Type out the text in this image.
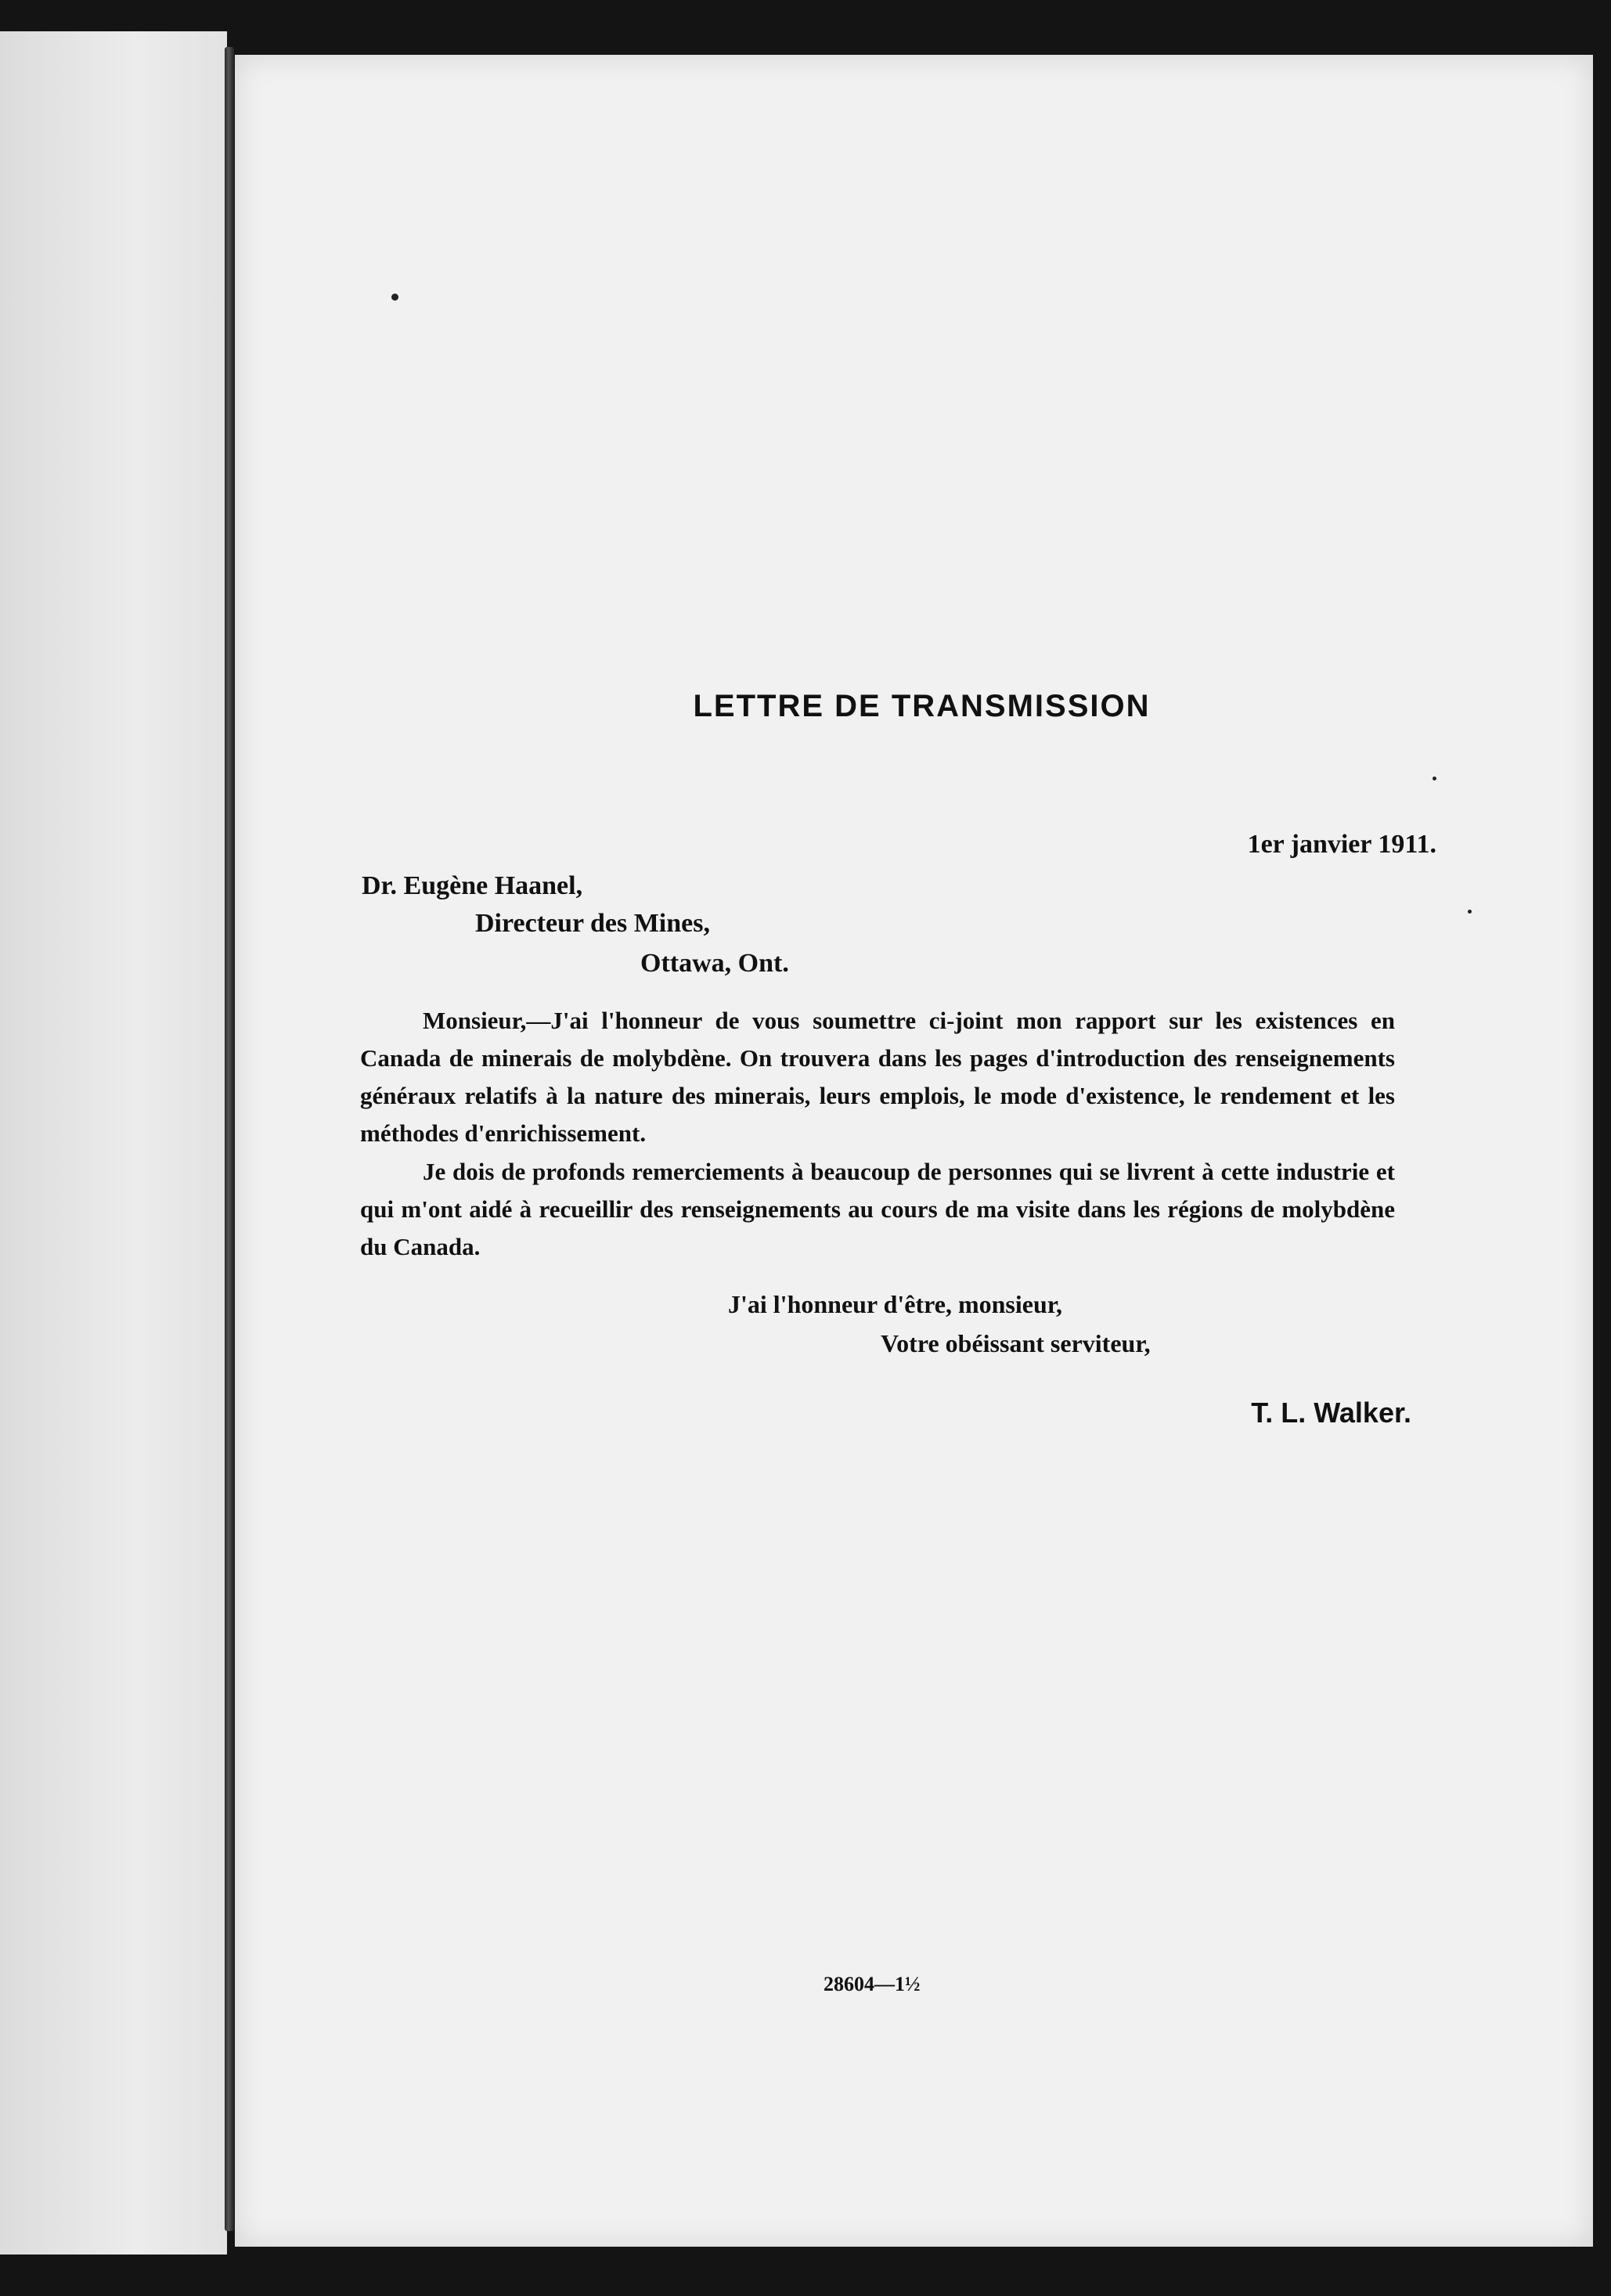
LETTRE DE TRANSMISSION
1er janvier 1911.
Dr. Eugène Haanel,
Directeur des Mines,
Ottawa, Ont.
Monsieur,—J'ai l'honneur de vous soumettre ci-joint mon rapport sur les existences en Canada de minerais de molybdène. On trouvera dans les pages d'introduction des renseignements généraux relatifs à la nature des minerais, leurs emplois, le mode d'existence, le rendement et les méthodes d'enrichissement.
Je dois de profonds remerciements à beaucoup de personnes qui se livrent à cette industrie et qui m'ont aidé à recueillir des renseignements au cours de ma visite dans les régions de molybdène du Canada.
J'ai l'honneur d'être, monsieur,
Votre obéissant serviteur,
T. L. Walker.
28604—1½
